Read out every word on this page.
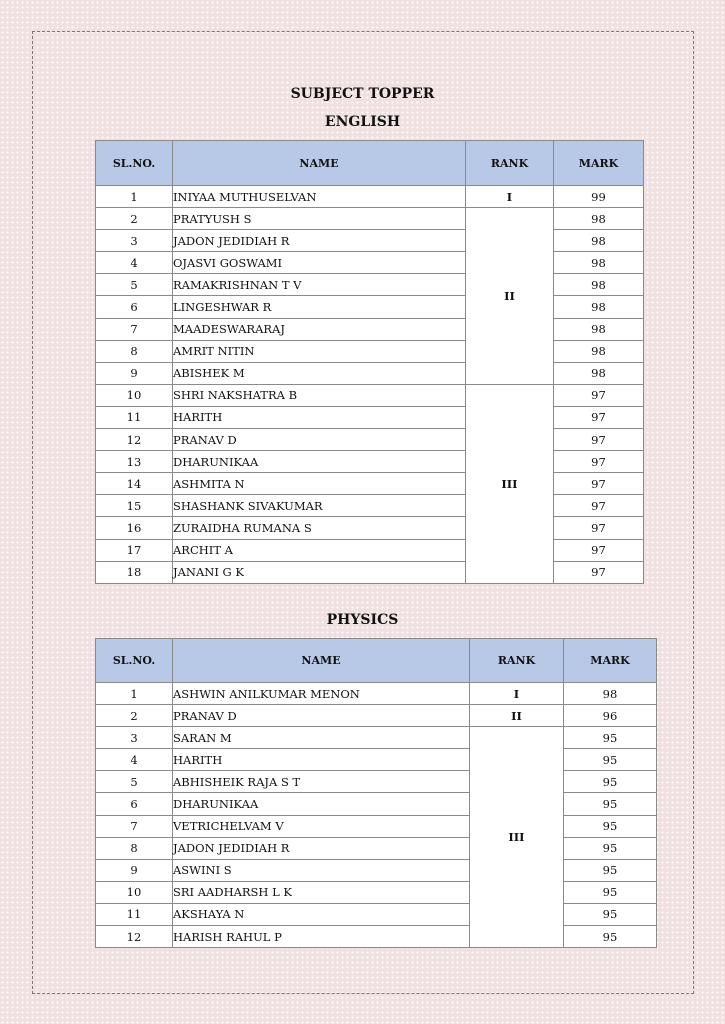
SUBJECT TOPPER
ENGLISH
SL.NO.	NAME	RANK	MARK
1	INIYAA MUTHUSELVAN	I	99
2	PRATYUSH S	II	98
3	JADON JEDIDIAH R		98
4	OJASVI GOSWAMI		98
5	RAMAKRISHNAN T V		98
6	LINGESHWAR R		98
7	MAADESWARARAJ		98
8	AMRIT NITIN		98
9	ABISHEK M		98
10	SHRI NAKSHATRA B	III	97
11	HARITH		97
12	PRANAV D		97
13	DHARUNIKAA		97
14	ASHMITA N		97
15	SHASHANK SIVAKUMAR		97
16	ZURAIDHA RUMANA S		97
17	ARCHIT A		97
18	JANANI G K		97
PHYSICS
SL.NO.	NAME	RANK	MARK
1	ASHWIN ANILKUMAR MENON	I	98
2	PRANAV D	II	96
3	SARAN M	III	95
4	HARITH		95
5	ABHISHEIK RAJA S T		95
6	DHARUNIKAA		95
7	VETRICHELVAM V		95
8	JADON JEDIDIAH R		95
9	ASWINI S		95
10	SRI AADHARSH L K		95
11	AKSHAYA N		95
12	HARISH RAHUL P		95
